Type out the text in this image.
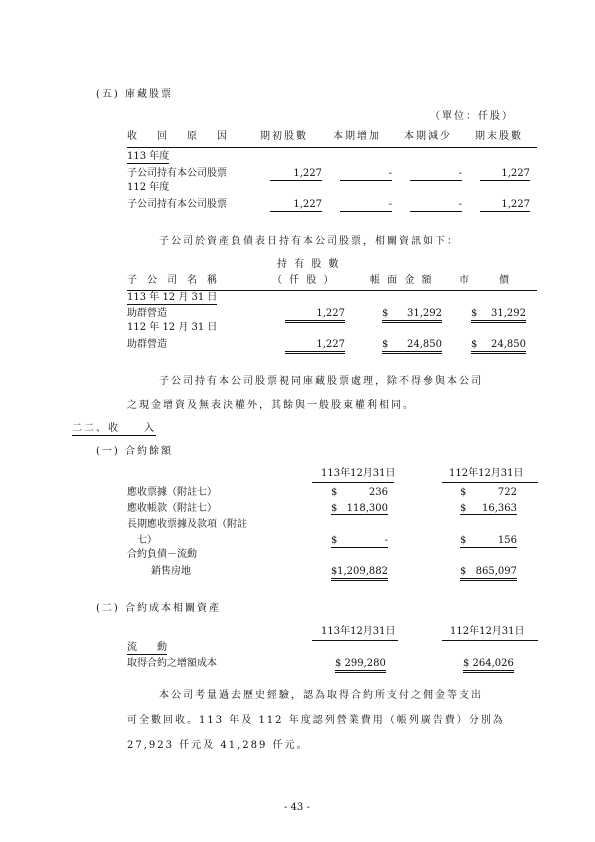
(五) 庫藏股票
（單位：仟股）
收　　回　　原　　因	期初股數	本期增加 本期減少 期末股數
113 年度
子公司持有本公司股票	1,227	-	-	1,227
112 年度
子公司持有本公司股票	1,227	-	-	1,227
子公司於資產負債表日持有本公司股票，相關資訊如下：
持 有 股 數
子　公　司　名　稱	（ 仟 股 ）	帳 面 金 額	市　　　價
113 年 12 月 31 日
助群營造	1,227	$ 31,292	$ 31,292
112 年 12 月 31 日
助群營造	1,227	$ 24,850	$ 24,850
子公司持有本公司股票視同庫藏股票處理，除不得參與本公司
之現金增資及無表決權外，其餘與一般股東權利相同。
二二、收　　入
(一) 合約餘額
113年12月31日	112年12月31日
應收票據（附註七）	$	236	$	722
應收帳款（附註七）	$ 118,300	$ 16,363
長期應收票據及款項（附註
七）	$	-	$	156
合約負債－流動
銷售房地	$ 1,209,882	$ 865,097
(二) 合約成本相關資產
113年12月31日	112年12月31日
流　　動
取得合約之增額成本	$ 299,280	$ 264,026
本公司考量過去歷史經驗，認為取得合約所支付之佣金等支出
可全數回收。113 年及 112 年度認列營業費用（帳列廣告費）分別為
27,923 仟元及 41,289 仟元。
- 43 -
